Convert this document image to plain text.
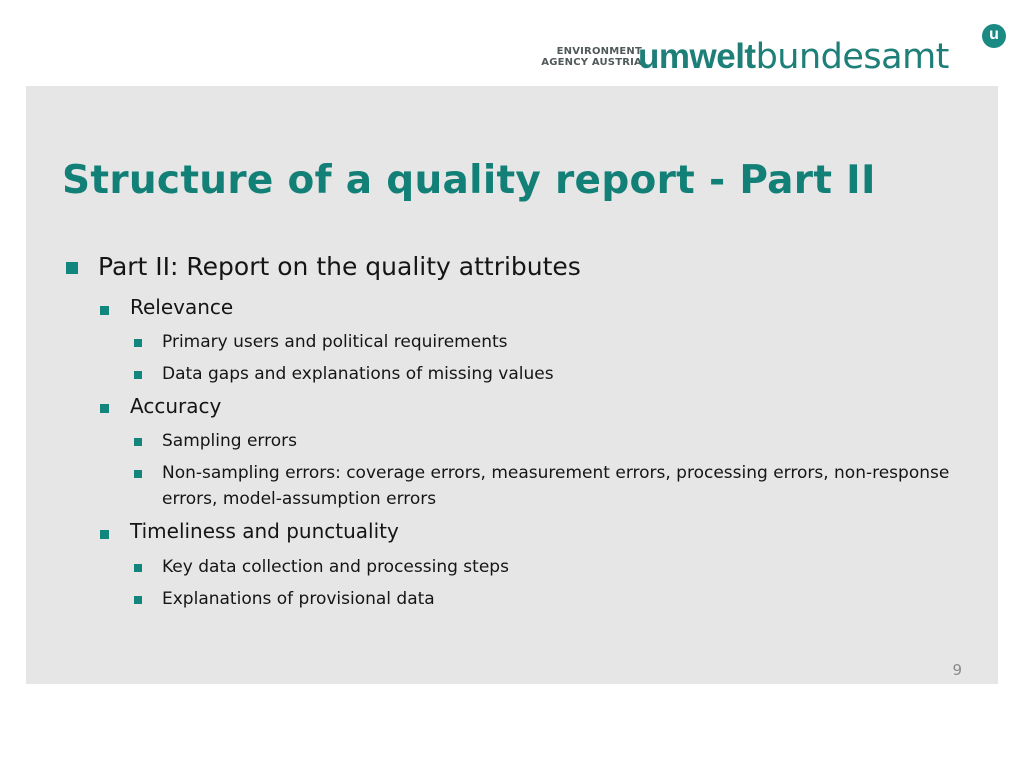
ENVIRONMENT
AGENCY AUSTRIA
umweltbundesamt
u
Structure of a quality report - Part II
Part II: Report on the quality attributes
Relevance
Primary users and political requirements
Data gaps and explanations of missing values
Accuracy
Sampling errors
Non-sampling errors: coverage errors, measurement errors, processing errors, non-response errors, model-assumption errors
Timeliness and punctuality
Key data collection and processing steps
Explanations of provisional data
9
